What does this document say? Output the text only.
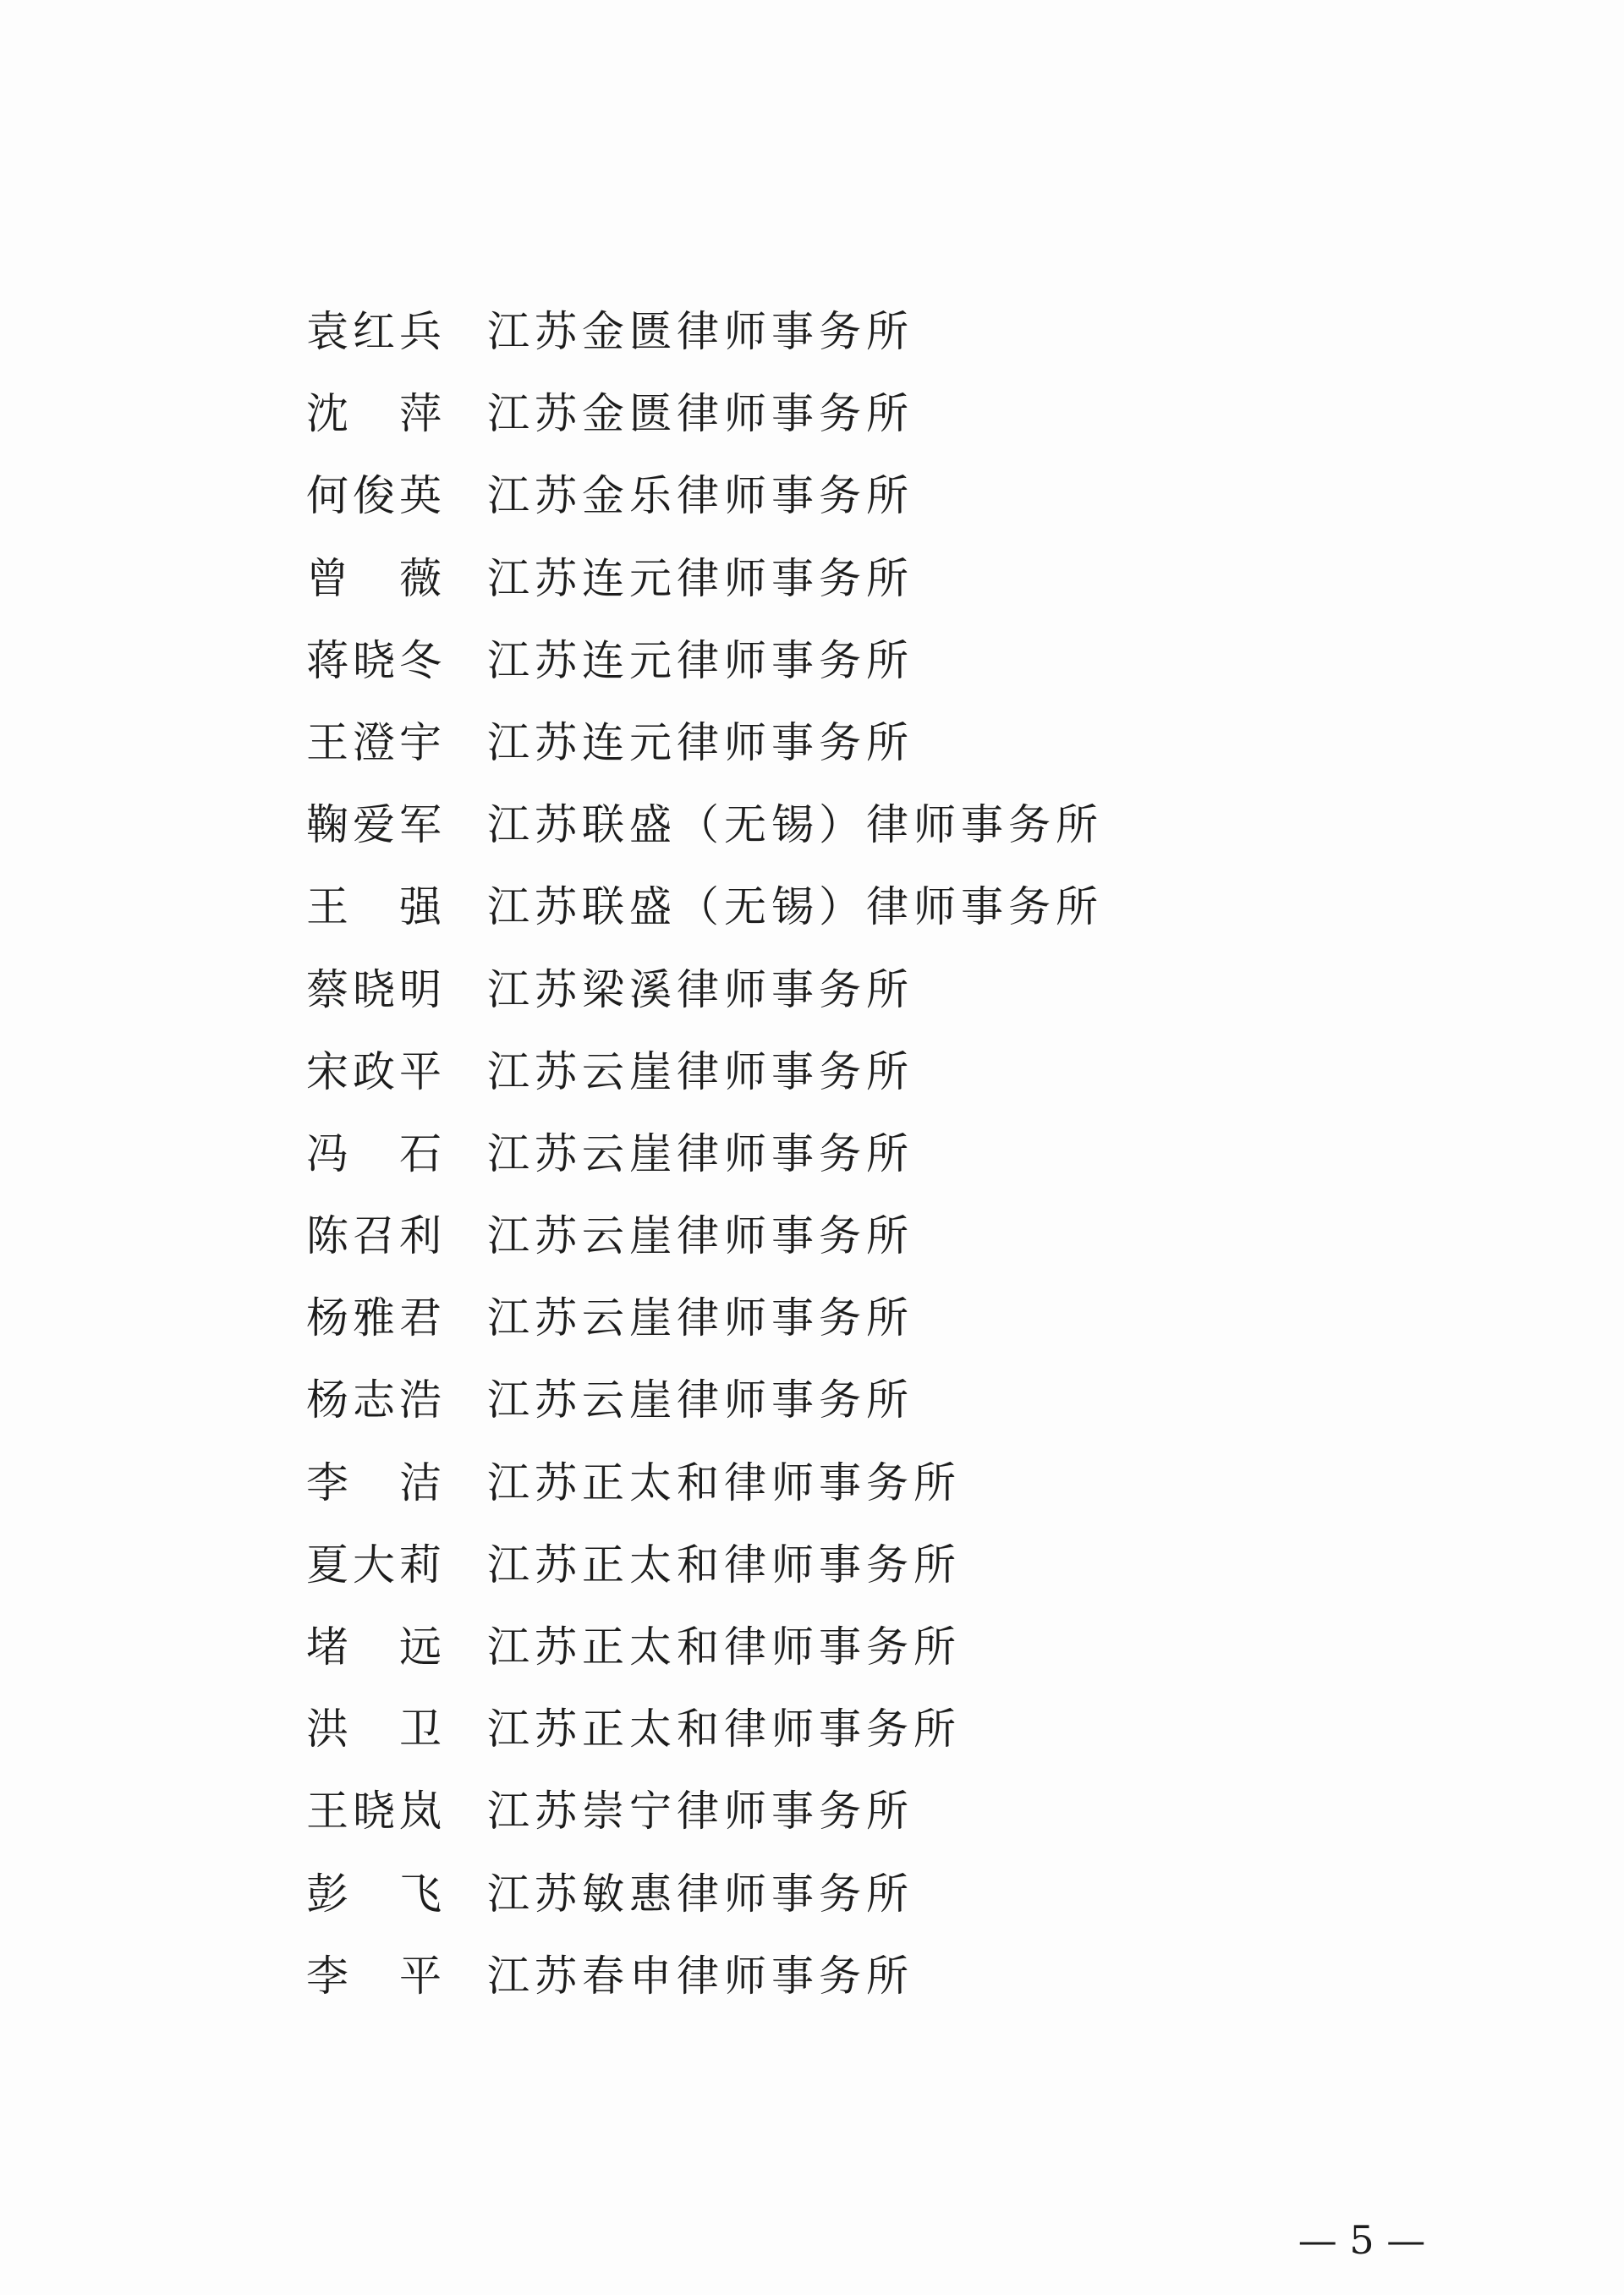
袁 红 兵 江苏金匮律师事务所
沈 萍 江苏金匮律师事务所
何 俊 英 江苏金乐律师事务所
曾 薇 江苏连元律师事务所
蒋 晓 冬 江苏连元律师事务所
王 澄 宇 江苏连元律师事务所
鞠 爱 军 江苏联盛（无锡）律师事务所
王 强 江苏联盛（无锡）律师事务所
蔡 晓 明 江苏梁溪律师事务所
宋 政 平 江苏云崖律师事务所
冯 石 江苏云崖律师事务所
陈 召 利 江苏云崖律师事务所
杨 雅 君 江苏云崖律师事务所
杨 志 浩 江苏云崖律师事务所
李 洁 江苏正太和律师事务所
夏 大 莉 江苏正太和律师事务所
堵 远 江苏正太和律师事务所
洪 卫 江苏正太和律师事务所
王 晓 岚 江苏崇宁律师事务所
彭 飞 江苏敏惠律师事务所
李 平 江苏春申律师事务所
— 5 —
